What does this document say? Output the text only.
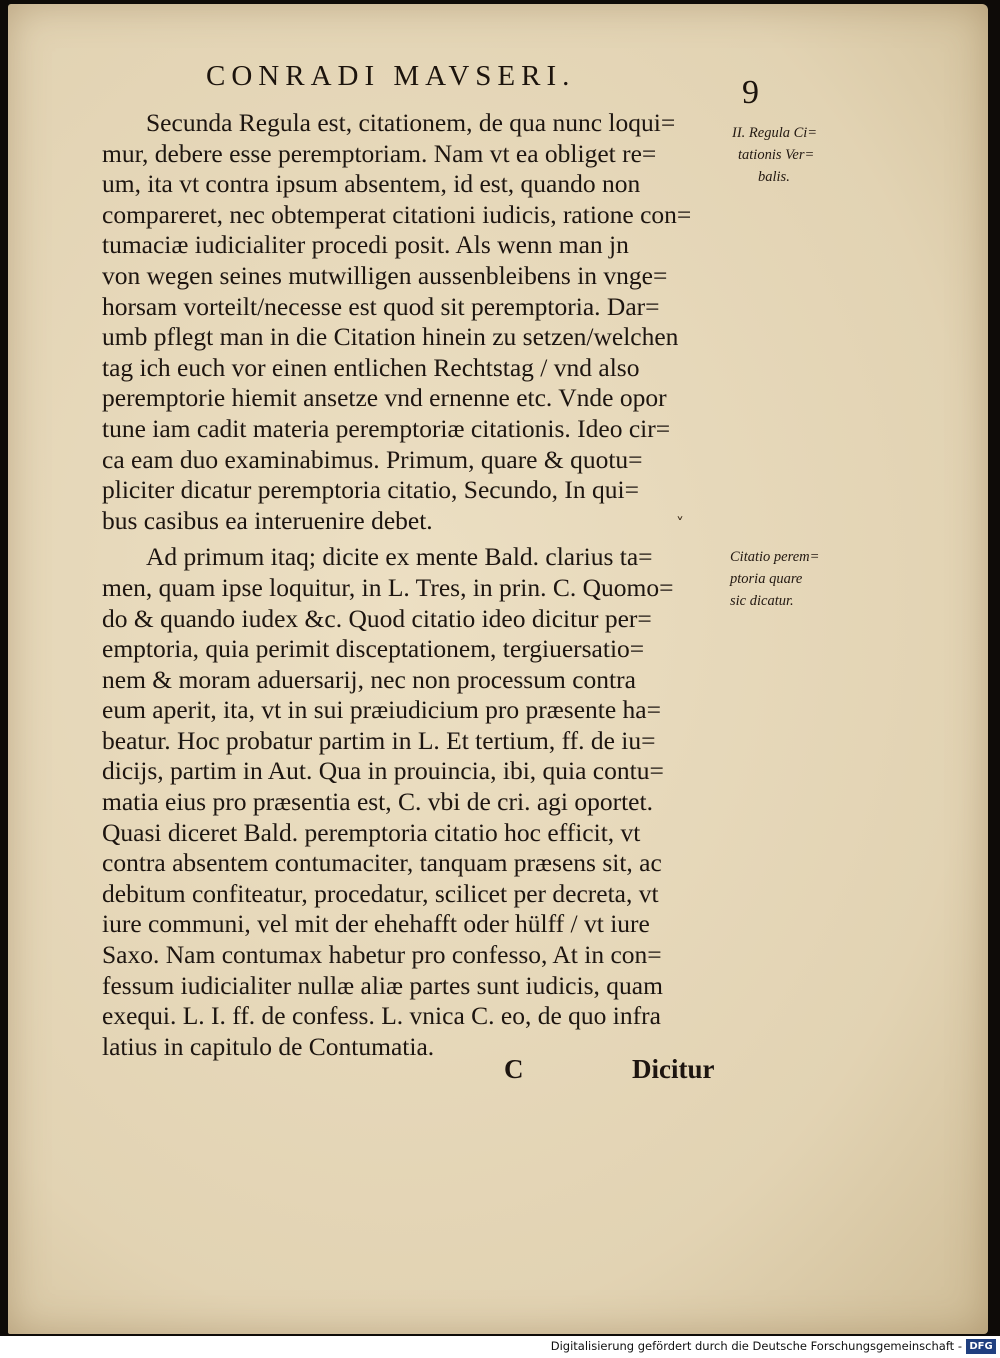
CONRADI MAVSERI.	9
Secunda Regula est, citationem, de qua nunc loqui=
mur, debere esse peremptoriam. Nam vt ea obliget re=
um, ita vt contra ipsum absentem, id est, quando non
compareret, nec obtemperat citationi iudicis, ratione con=
tumaciæ iudicialiter procedi posit. Als wenn man jn
von wegen seines mutwilligen aussenbleibens in vnge=
horsam vorteilt/necesse est quod sit peremptoria. Dar=
umb pflegt man in die Citation hinein zu setzen/welchen
tag ich euch vor einen entlichen Rechtstag / vnd also
peremptorie hiemit ansetze vnd ernenne etc. Vnde opor
tune iam cadit materia peremptoriæ citationis. Ideo cir=
ca eam duo examinabimus. Primum, quare & quotu=
pliciter dicatur peremptoria citatio, Secundo, In qui=
bus casibus ea interuenire debet.
Ad primum itaq; dicite ex mente Bald. clarius ta=
men, quam ipse loquitur, in L. Tres, in prin. C. Quomo=
do & quando iudex &c. Quod citatio ideo dicitur per=
emptoria, quia perimit disceptationem, tergiuersatio=
nem & moram aduersarij, nec non processum contra
eum aperit, ita, vt in sui præiudicium pro præsente ha=
beatur. Hoc probatur partim in L. Et tertium, ff. de iu=
dicijs, partim in Aut. Qua in prouincia, ibi, quia contu=
matia eius pro præsentia est, C. vbi de cri. agi oportet.
Quasi diceret Bald. peremptoria citatio hoc efficit, vt
contra absentem contumaciter, tanquam præsens sit, ac
debitum confiteatur, procedatur, scilicet per decreta, vt
iure communi, vel mit der ehehafft oder hülff / vt iure
Saxo. Nam contumax habetur pro confesso, At in con=
fessum iudicialiter nullæ aliæ partes sunt iudicis, quam
exequi. L. I. ff. de confess. L. vnica C. eo, de quo infra
latius in capitulo de Contumatia.
˅
II. Regula Ci=
tationis Ver=
balis.
Citatio perem=
ptoria quare
sic dicatur.
C	Dicitur
Digitalisierung gefördert durch die Deutsche Forschungsgemeinschaft - DFG
